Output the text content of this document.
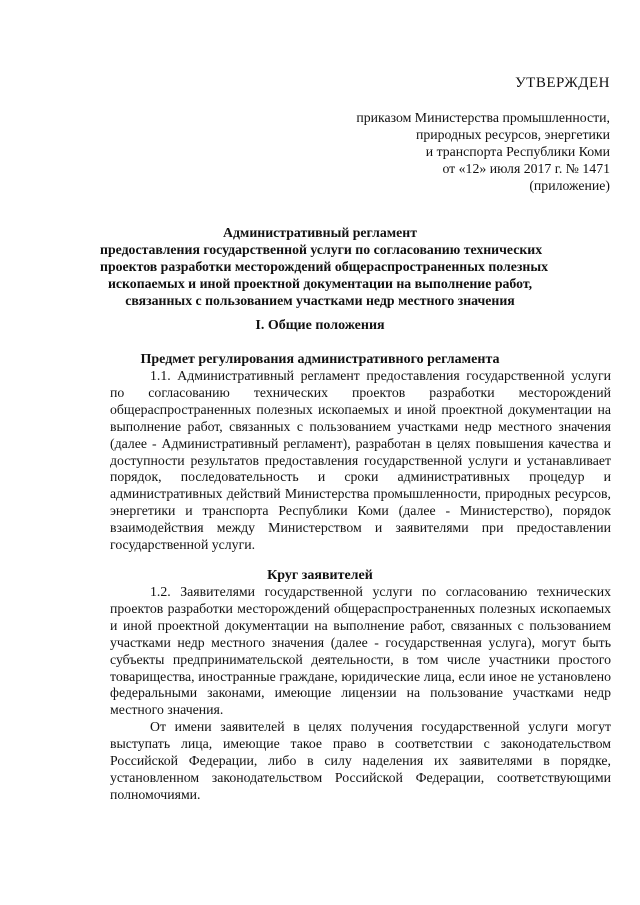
УТВЕРЖДЕН
приказом Министерства промышленности,
природных ресурсов, энергетики
и транспорта Республики Коми
от «12» июля 2017 г. № 1471
(приложение)
Административный регламент
предоставления государственной услуги по согласованию технических
проектов разработки месторождений общераспространенных полезных
ископаемых и иной проектной документации на выполнение работ,
связанных с пользованием участками недр местного значения
I. Общие положения
Предмет регулирования административного регламента

1.1. Административный регламент предоставления государственной услуги по согласованию технических проектов разработки месторождений общераспространенных полезных ископаемых и иной проектной документации на выполнение работ, связанных с пользованием участками недр местного значения (далее - Административный регламент), разработан в целях повышения качества и доступности результатов предоставления государственной услуги и устанавливает порядок, последовательность и сроки административных процедур и административных действий Министерства промышленности, природных ресурсов, энергетики и транспорта Республики Коми (далее - Министерство), порядок взаимодействия между Министерством и заявителями при предоставлении государственной услуги.

Круг заявителей

1.2. Заявителями государственной услуги по согласованию технических проектов разработки месторождений общераспространенных полезных ископаемых и иной проектной документации на выполнение работ, связанных с пользованием участками недр местного значения (далее - государственная услуга), могут быть субъекты предпринимательской деятельности, в том числе участники простого товарищества, иностранные граждане, юридические лица, если иное не установлено федеральными законами, имеющие лицензии на пользование участками недр местного значения.

От имени заявителей в целях получения государственной услуги могут выступать лица, имеющие такое право в соответствии с законодательством Российской Федерации, либо в силу наделения их заявителями в порядке, установленном законодательством Российской Федерации, соответствующими полномочиями.
